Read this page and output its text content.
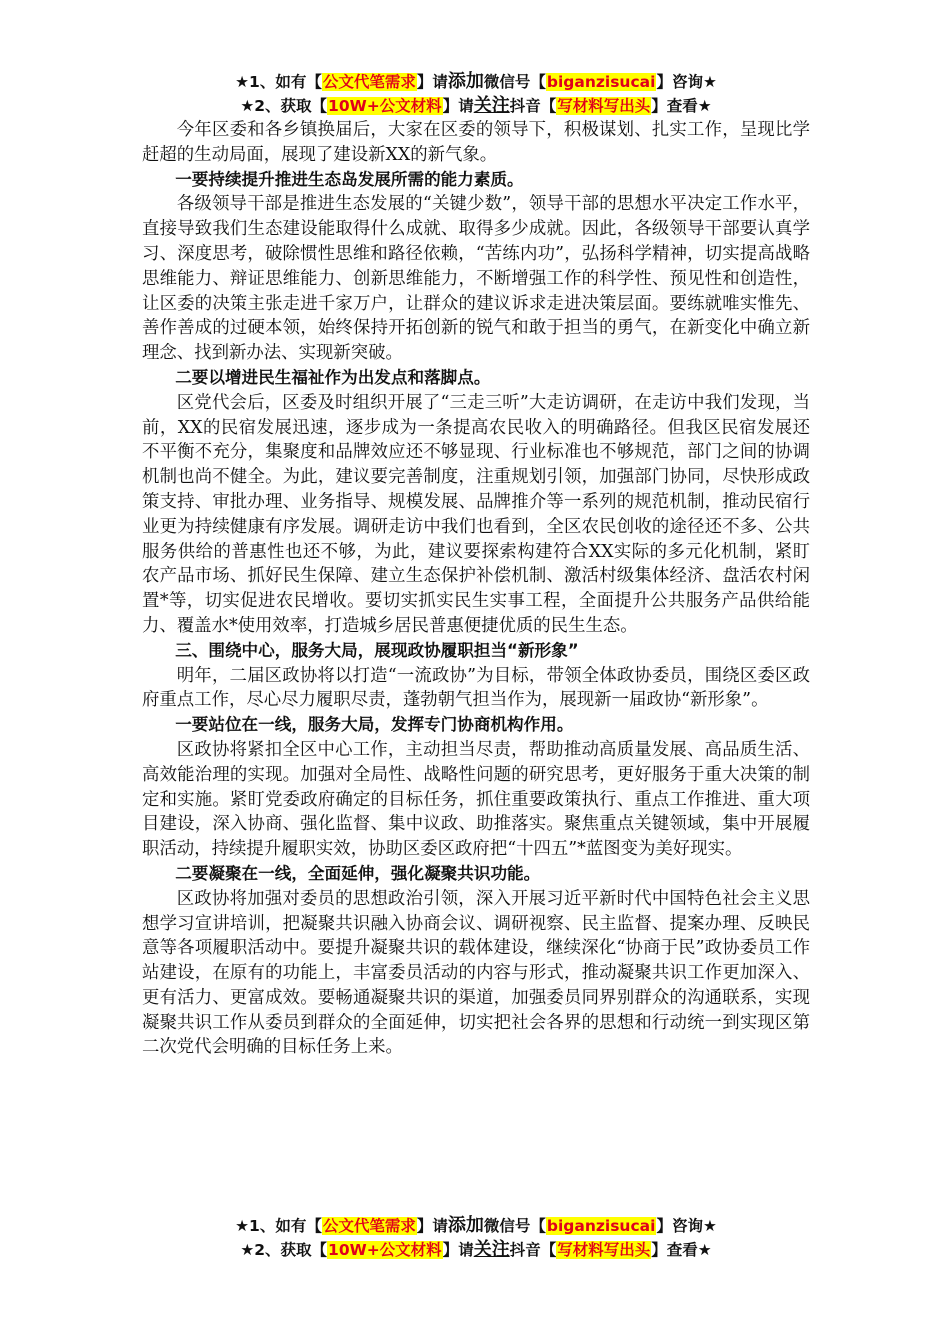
★1、如有【公文代笔需求】请添加微信号【biganzisucai】咨询★
★2、获取【10W+公文材料】请关注抖音【写材料写出头】查看★

今年区委和各乡镇换届后，大家在区委的领导下，积极谋划、扎实工作，呈现比学赶超的生动局面，展现了建设新XX的新气象。

一要持续提升推进生态岛发展所需的能力素质。

各级领导干部是推进生态发展的“关键少数”，领导干部的思想水平决定工作水平，直接导致我们生态建设能取得什么成就、取得多少成就。因此，各级领导干部要认真学习、深度思考，破除惯性思维和路径依赖，“苦练内功”，弘扬科学精神，切实提高战略思维能力、辩证思维能力、创新思维能力，不断增强工作的科学性、预见性和创造性，让区委的决策主张走进千家万户，让群众的建议诉求走进决策层面。要练就唯实惟先、善作善成的过硬本领，始终保持开拓创新的锐气和敢于担当的勇气，在新变化中确立新理念、找到新办法、实现新突破。

二要以增进民生福祉作为出发点和落脚点。

区党代会后，区委及时组织开展了“三走三听”大走访调研，在走访中我们发现，当前，XX的民宿发展迅速，逐步成为一条提高农民收入的明确路径。但我区民宿发展还不平衡不充分，集聚度和品牌效应还不够显现、行业标准也不够规范，部门之间的协调机制也尚不健全。为此，建议要完善制度，注重规划引领，加强部门协同，尽快形成政策支持、审批办理、业务指导、规模发展、品牌推介等一系列的规范机制，推动民宿行业更为持续健康有序发展。调研走访中我们也看到，全区农民创收的途径还不多、公共服务供给的普惠性也还不够，为此，建议要探索构建符合XX实际的多元化机制，紧盯农产品市场、抓好民生保障、建立生态保护补偿机制、激活村级集体经济、盘活农村闲置*等，切实促进农民增收。要切实抓实民生实事工程，全面提升公共服务产品供给能力、覆盖水*使用效率，打造城乡居民普惠便捷优质的民生生态。

三、围绕中心，服务大局，展现政协履职担当“新形象”

明年，二届区政协将以打造“一流政协”为目标，带领全体政协委员，围绕区委区政府重点工作，尽心尽力履职尽责，蓬勃朝气担当作为，展现新一届政协“新形象”。

一要站位在一线，服务大局，发挥专门协商机构作用。

区政协将紧扣全区中心工作，主动担当尽责，帮助推动高质量发展、高品质生活、高效能治理的实现。加强对全局性、战略性问题的研究思考，更好服务于重大决策的制定和实施。紧盯党委政府确定的目标任务，抓住重要政策执行、重点工作推进、重大项目建设，深入协商、强化监督、集中议政、助推落实。聚焦重点关键领域，集中开展履职活动，持续提升履职实效，协助区委区政府把“十四五”*蓝图变为美好现实。

二要凝聚在一线，全面延伸，强化凝聚共识功能。

区政协将加强对委员的思想政治引领，深入开展习近平新时代中国特色社会主义思想学习宣讲培训，把凝聚共识融入协商会议、调研视察、民主监督、提案办理、反映民意等各项履职活动中。要提升凝聚共识的载体建设，继续深化“协商于民”政协委员工作站建设，在原有的功能上，丰富委员活动的内容与形式，推动凝聚共识工作更加深入、更有活力、更富成效。要畅通凝聚共识的渠道，加强委员同界别群众的沟通联系，实现凝聚共识工作从委员到群众的全面延伸，切实把社会各界的思想和行动统一到实现区第二次党代会明确的目标任务上来。

★1、如有【公文代笔需求】请添加微信号【biganzisucai】咨询★
★2、获取【10W+公文材料】请关注抖音【写材料写出头】查看★
